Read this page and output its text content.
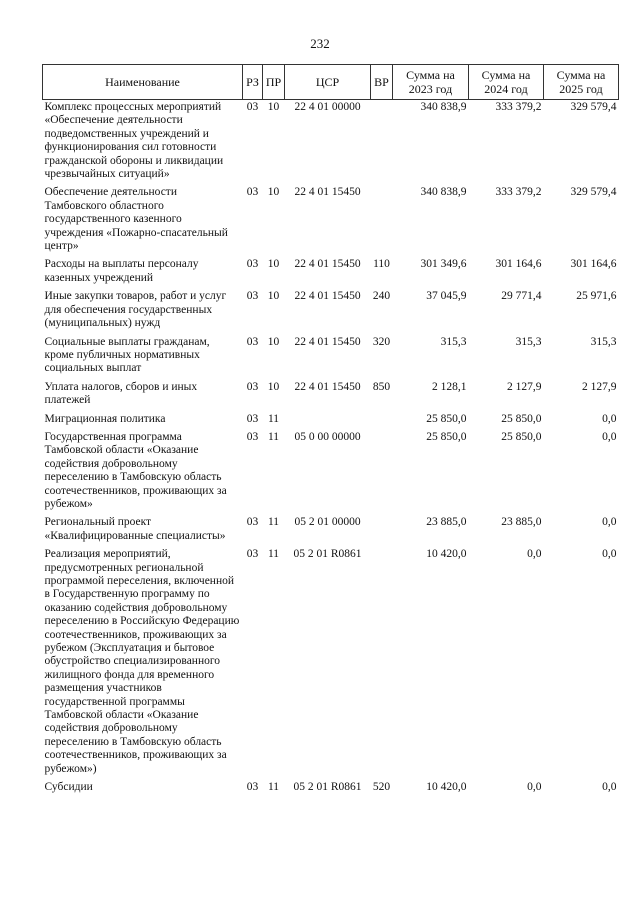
232
Наименование	РЗ	ПР	ЦСР	ВР	Сумма на 2023 год	Сумма на 2024 год	Сумма на 2025 год
Комплекс процессных мероприятий «Обеспечение деятельности подведомственных учреждений и функционирования сил готовности гражданской обороны и ликвидации чрезвычайных ситуаций»	03	10	22 4 01 00000		340 838,9	333 379,2	329 579,4
Обеспечение деятельности Тамбовского областного государственного казенного учреждения «Пожарно-спасательный центр»	03	10	22 4 01 15450		340 838,9	333 379,2	329 579,4
Расходы на выплаты персоналу казенных учреждений	03	10	22 4 01 15450	110	301 349,6	301 164,6	301 164,6
Иные закупки товаров, работ и услуг для обеспечения государственных (муниципальных) нужд	03	10	22 4 01 15450	240	37 045,9	29 771,4	25 971,6
Социальные выплаты гражданам, кроме публичных нормативных социальных выплат	03	10	22 4 01 15450	320	315,3	315,3	315,3
Уплата налогов, сборов и иных платежей	03	10	22 4 01 15450	850	2 128,1	2 127,9	2 127,9
Миграционная политика	03	11			25 850,0	25 850,0	0,0
Государственная программа Тамбовской области «Оказание содействия добровольному переселению в Тамбовскую область соотечественников, проживающих за рубежом»	03	11	05 0 00 00000		25 850,0	25 850,0	0,0
Региональный проект «Квалифицированные специалисты»	03	11	05 2 01 00000		23 885,0	23 885,0	0,0
Реализация мероприятий, предусмотренных региональной программой переселения, включенной в Государственную программу по оказанию содействия добровольному переселению в Российскую Федерацию соотечественников, проживающих за рубежом (Эксплуатация и бытовое обустройство специализированного жилищного фонда для временного размещения участников государственной программы Тамбовской области «Оказание содействия добровольному переселению в Тамбовскую область соотечественников, проживающих за рубежом»)	03	11	05 2 01 R0861		10 420,0	0,0	0,0
Субсидии	03	11	05 2 01 R0861	520	10 420,0	0,0	0,0
